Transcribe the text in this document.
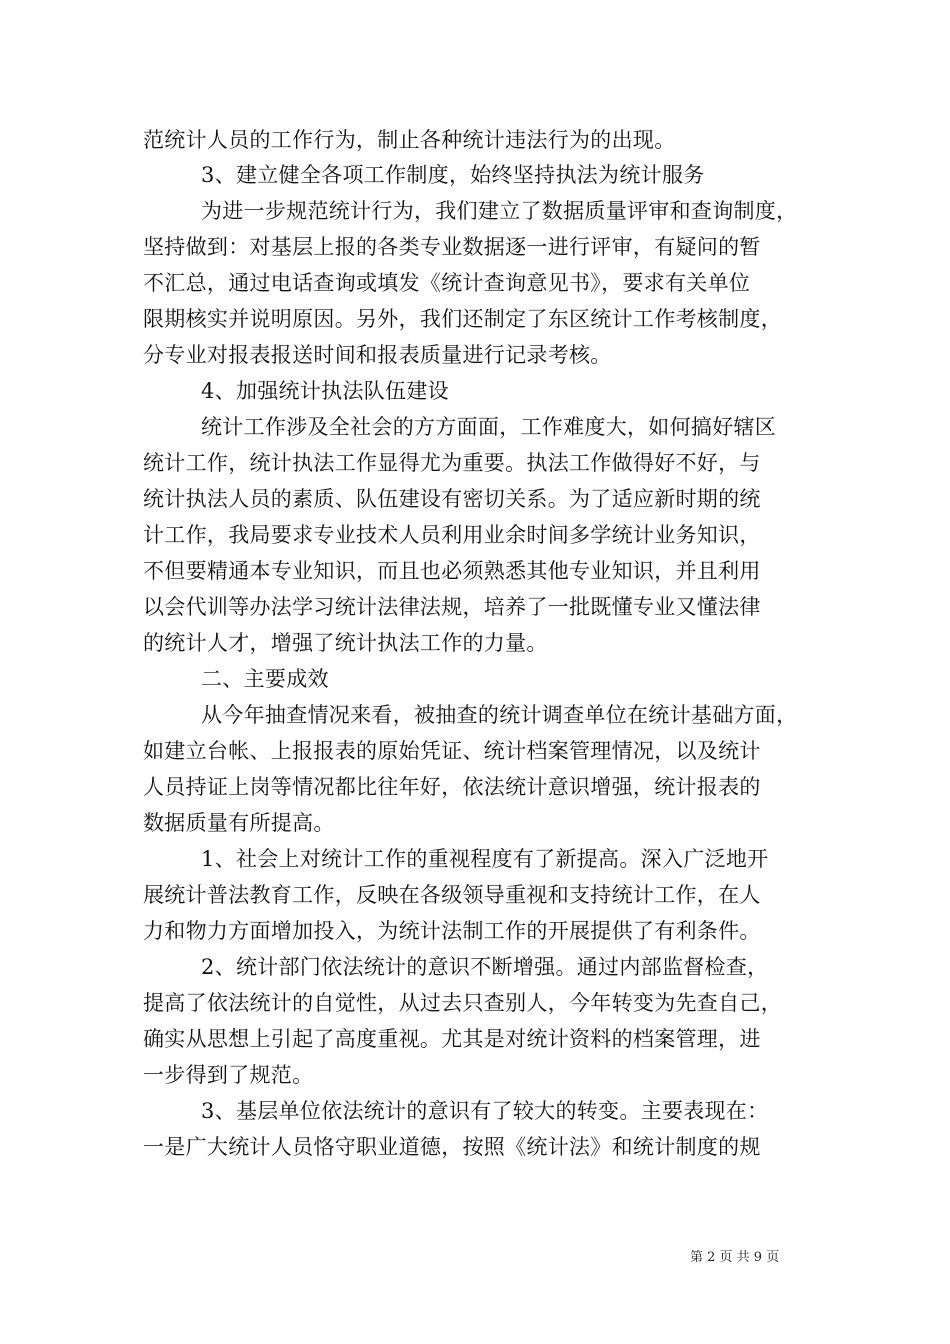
范统计人员的工作行为，制止各种统计违法行为的出现。
3、建立健全各项工作制度，始终坚持执法为统计服务
为进一步规范统计行为，我们建立了数据质量评审和查询制度，
坚持做到：对基层上报的各类专业数据逐一进行评审，有疑问的暂
不汇总，通过电话查询或填发《统计查询意见书》，要求有关单位
限期核实并说明原因。另外，我们还制定了东区统计工作考核制度，
分专业对报表报送时间和报表质量进行记录考核。
4、加强统计执法队伍建设
统计工作涉及全社会的方方面面，工作难度大，如何搞好辖区
统计工作，统计执法工作显得尤为重要。执法工作做得好不好，与
统计执法人员的素质、队伍建设有密切关系。为了适应新时期的统
计工作，我局要求专业技术人员利用业余时间多学统计业务知识，
不但要精通本专业知识，而且也必须熟悉其他专业知识，并且利用
以会代训等办法学习统计法律法规，培养了一批既懂专业又懂法律
的统计人才，增强了统计执法工作的力量。
二、主要成效
从今年抽查情况来看，被抽查的统计调查单位在统计基础方面，
如建立台帐、上报报表的原始凭证、统计档案管理情况，以及统计
人员持证上岗等情况都比往年好，依法统计意识增强，统计报表的
数据质量有所提高。
1、社会上对统计工作的重视程度有了新提高。深入广泛地开
展统计普法教育工作，反映在各级领导重视和支持统计工作，在人
力和物力方面增加投入，为统计法制工作的开展提供了有利条件。
2、统计部门依法统计的意识不断增强。通过内部监督检查，
提高了依法统计的自觉性，从过去只查别人，今年转变为先查自己，
确实从思想上引起了高度重视。尤其是对统计资料的档案管理，进
一步得到了规范。
3、基层单位依法统计的意识有了较大的转变。主要表现在：
一是广大统计人员恪守职业道德，按照《统计法》和统计制度的规
第 2 页 共 9 页
